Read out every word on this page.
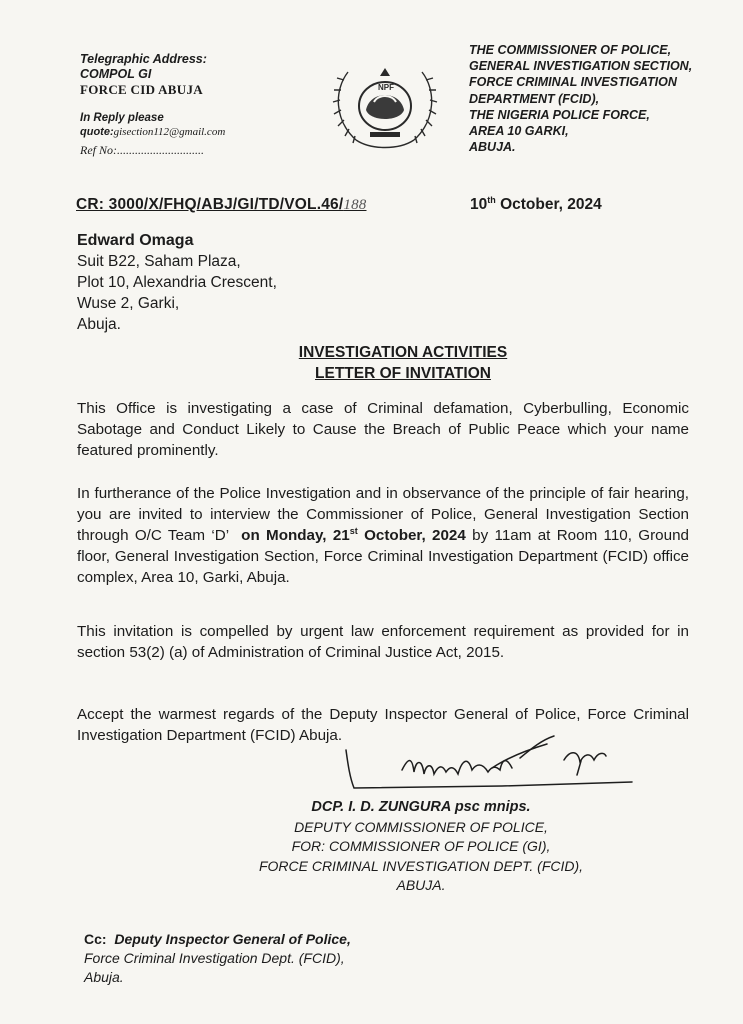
Telegraphic Address:
COMPOL GI
FORCE CID ABUJA
In Reply please
quote:gisection112@gmail.com
Ref No:.............................
NPF
THE COMMISSIONER OF POLICE,
GENERAL INVESTIGATION SECTION,
FORCE CRIMINAL INVESTIGATION
DEPARTMENT (FCID),
THE NIGERIA POLICE FORCE,
AREA 10 GARKI,
ABUJA.
CR: 3000/X/FHQ/ABJ/GI/TD/VOL.46/188	10th October, 2024
Edward Omaga
Suit B22, Saham Plaza,
Plot 10, Alexandria Crescent,
Wuse 2, Garki,
Abuja.
INVESTIGATION ACTIVITIES
LETTER OF INVITATION
This Office is investigating a case of Criminal defamation, Cyberbulling, Economic Sabotage and Conduct Likely to Cause the Breach of Public Peace which your name featured prominently.
In furtherance of the Police Investigation and in observance of the principle of fair hearing, you are invited to interview the Commissioner of Police, General Investigation Section through O/C Team ‘D’ on Monday, 21st October, 2024 by 11am at Room 110, Ground floor, General Investigation Section, Force Criminal Investigation Department (FCID) office complex, Area 10, Garki, Abuja.
This invitation is compelled by urgent law enforcement requirement as provided for in section 53(2) (a) of Administration of Criminal Justice Act, 2015.
Accept the warmest regards of the Deputy Inspector General of Police, Force Criminal Investigation Department (FCID) Abuja.
DCP. I. D. ZUNGURA psc mnips.
DEPUTY COMMISSIONER OF POLICE,
FOR: COMMISSIONER OF POLICE (GI),
FORCE CRIMINAL INVESTIGATION DEPT. (FCID),
ABUJA.
Cc: Deputy Inspector General of Police,
Force Criminal Investigation Dept. (FCID),
Abuja.
